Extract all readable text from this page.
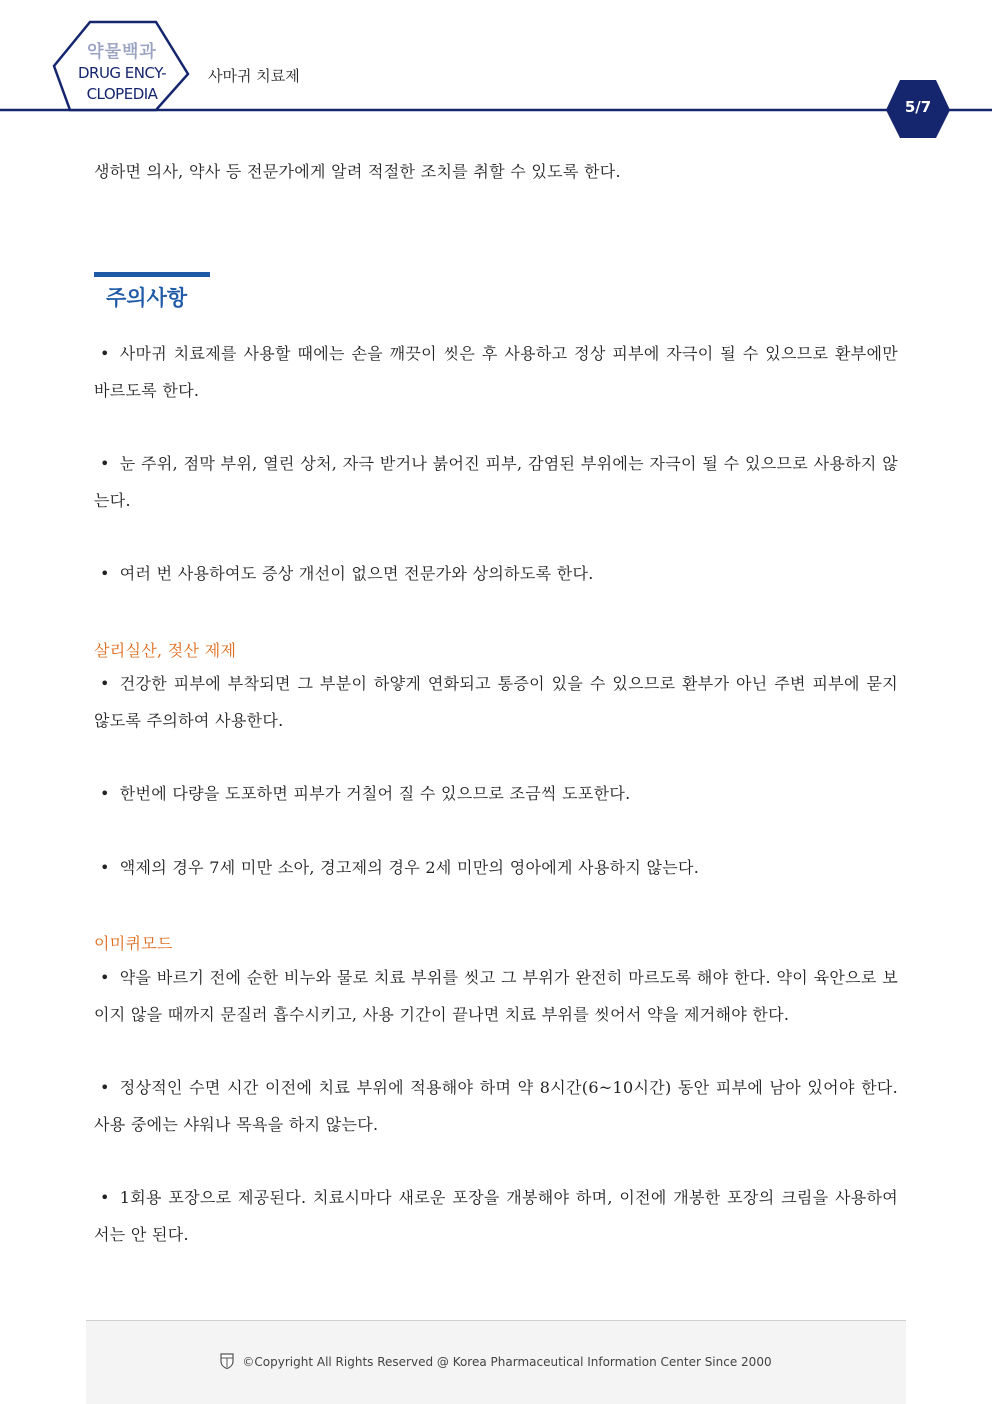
약물백과
DRUG ENCY-
CLOPEDIA
사마귀 치료제
5/7

생하면 의사, 약사 등 전문가에게 알려 적절한 조치를 취할 수 있도록 한다.

주의사항

• 사마귀 치료제를 사용할 때에는 손을 깨끗이 씻은 후 사용하고 정상 피부에 자극이 될 수 있으므로 환부에만 바르도록 한다.

• 눈 주위, 점막 부위, 열린 상처, 자극 받거나 붉어진 피부, 감염된 부위에는 자극이 될 수 있으므로 사용하지 않는다.

• 여러 번 사용하여도 증상 개선이 없으면 전문가와 상의하도록 한다.

살리실산, 젖산 제제

• 건강한 피부에 부착되면 그 부분이 하얗게 연화되고 통증이 있을 수 있으므로 환부가 아닌 주변 피부에 묻지 않도록 주의하여 사용한다.

• 한번에 다량을 도포하면 피부가 거칠어 질 수 있으므로 조금씩 도포한다.

• 액제의 경우 7세 미만 소아, 경고제의 경우 2세 미만의 영아에게 사용하지 않는다.

이미퀴모드

• 약을 바르기 전에 순한 비누와 물로 치료 부위를 씻고 그 부위가 완전히 마르도록 해야 한다. 약이 육안으로 보이지 않을 때까지 문질러 흡수시키고, 사용 기간이 끝나면 치료 부위를 씻어서 약을 제거해야 한다.

• 정상적인 수면 시간 이전에 치료 부위에 적용해야 하며 약 8시간(6~10시간) 동안 피부에 남아 있어야 한다. 사용 중에는 샤워나 목욕을 하지 않는다.

• 1회용 포장으로 제공된다. 치료시마다 새로운 포장을 개봉해야 하며, 이전에 개봉한 포장의 크림을 사용하여서는 안 된다.

©Copyright All Rights Reserved @ Korea Pharmaceutical Information Center Since 2000
